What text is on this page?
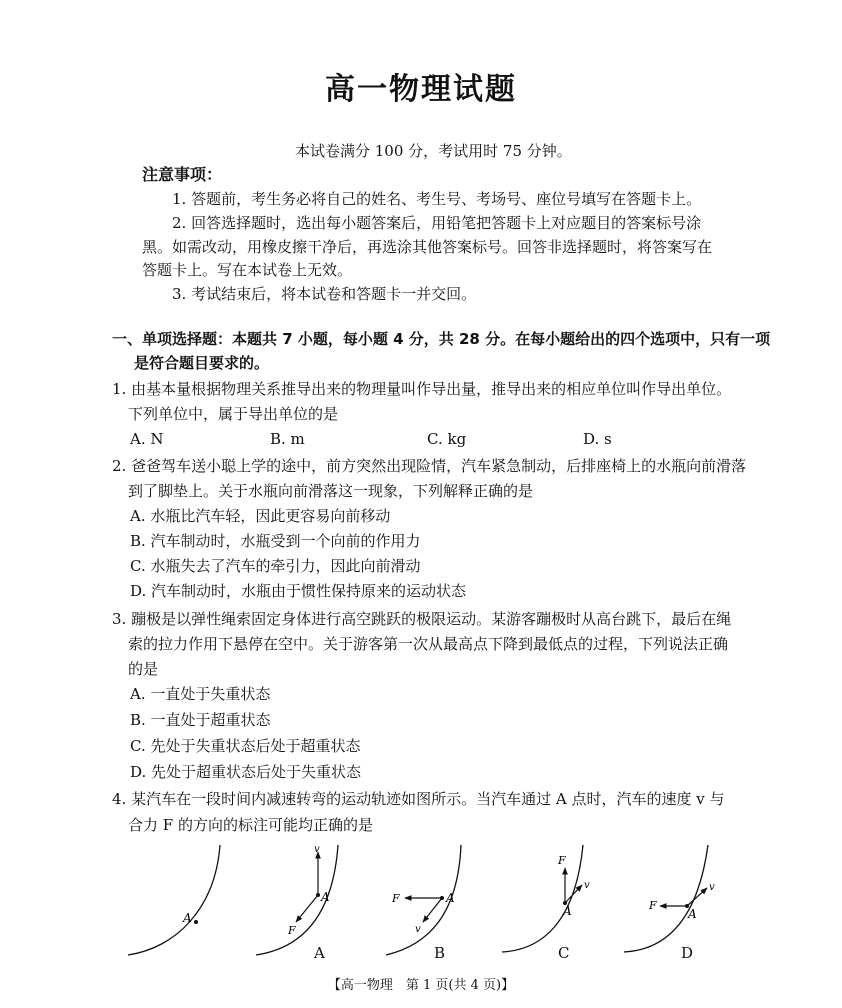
高一物理试题
本试卷满分 100 分，考试用时 75 分钟。
注意事项：
1. 答题前，考生务必将自己的姓名、考生号、考场号、座位号填写在答题卡上。
2. 回答选择题时，选出每小题答案后，用铅笔把答题卡上对应题目的答案标号涂
黑。如需改动，用橡皮擦干净后，再选涂其他答案标号。回答非选择题时，将答案写在
答题卡上。写在本试卷上无效。
3. 考试结束后，将本试卷和答题卡一并交回。
一、单项选择题：本题共 7 小题，每小题 4 分，共 28 分。在每小题给出的四个选项中，只有一项
是符合题目要求的。
1. 由基本量根据物理关系推导出来的物理量叫作导出量，推导出来的相应单位叫作导出单位。
下列单位中，属于导出单位的是
A. N	B. m	C. kg	D. s
2. 爸爸驾车送小聪上学的途中，前方突然出现险情，汽车紧急制动，后排座椅上的水瓶向前滑落
到了脚垫上。关于水瓶向前滑落这一现象，下列解释正确的是
A. 水瓶比汽车轻，因此更容易向前移动
B. 汽车制动时，水瓶受到一个向前的作用力
C. 水瓶失去了汽车的牵引力，因此向前滑动
D. 汽车制动时，水瓶由于惯性保持原来的运动状态
3. 蹦极是以弹性绳索固定身体进行高空跳跃的极限运动。某游客蹦极时从高台跳下，最后在绳
索的拉力作用下悬停在空中。关于游客第一次从最高点下降到最低点的过程，下列说法正确
的是
A. 一直处于失重状态
B. 一直处于超重状态
C. 先处于失重状态后处于超重状态
D. 先处于超重状态后处于失重状态
4. 某汽车在一段时间内减速转弯的运动轨迹如图所示。当汽车通过 A 点时，汽车的速度 v 与
合力 F 的方向的标注可能均正确的是
A
v
A
F
A
F	A
v
B
F
v
A
C
F
v
A
D
【高一物理　第 1 页(共 4 页)】
